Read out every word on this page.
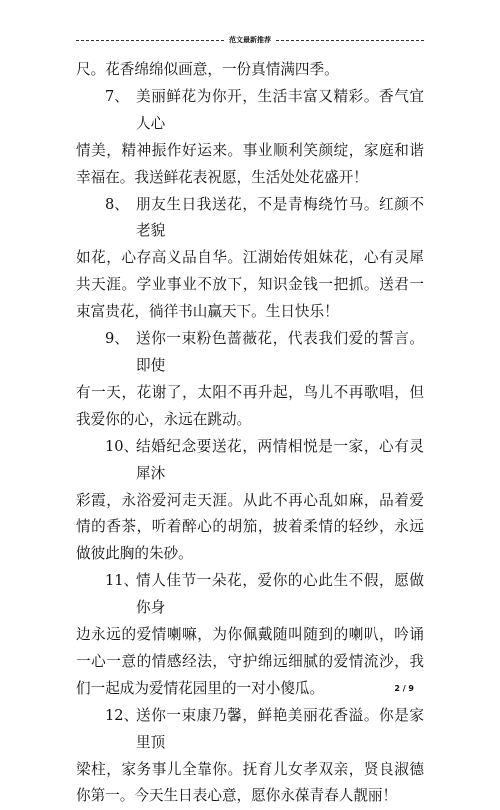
范文最新推荐

尺。花香绵绵似画意，一份真情满四季。

7、 美丽鲜花为你开，生活丰富又精彩。香气宜人心
情美，精神振作好运来。事业顺利笑颜绽，家庭和谐幸福在。我送鲜花表祝愿，生活处处花盛开！
8、 朋友生日我送花，不是青梅绕竹马。红颜不老貌
如花，心存高义品自华。江湖始传姐妹花，心有灵犀共天涯。学业事业不放下，知识金钱一把抓。送君一束富贵花，徜徉书山赢天下。生日快乐！
9、 送你一束粉色蔷薇花，代表我们爱的誓言。即使
有一天，花谢了，太阳不再升起，鸟儿不再歌唱，但我爱你的心，永远在跳动。
10、
结婚纪念要送花，两情相悦是一家，心有灵犀沐
彩霞，永浴爱河走天涯。从此不再心乱如麻，品着爱情的香茶，听着醉心的胡笳，披着柔情的轻纱，永远做彼此胸的朱砂。
11、
情人佳节一朵花，爱你的心此生不假，愿做你身
边永远的爱情喇嘛，为你佩戴随叫随到的喇叭，吟诵一心一意的情感经法，守护绵远细腻的爱情流沙，我们一起成为爱情花园里的一对小傻瓜。
12、
送你一束康乃馨，鲜艳美丽花香溢。你是家里顶
梁柱，家务事儿全靠你。抚育儿女孝双亲，贤良淑德你第一。今天生日表心意，愿你永葆青春人靓丽！
2 / 9
